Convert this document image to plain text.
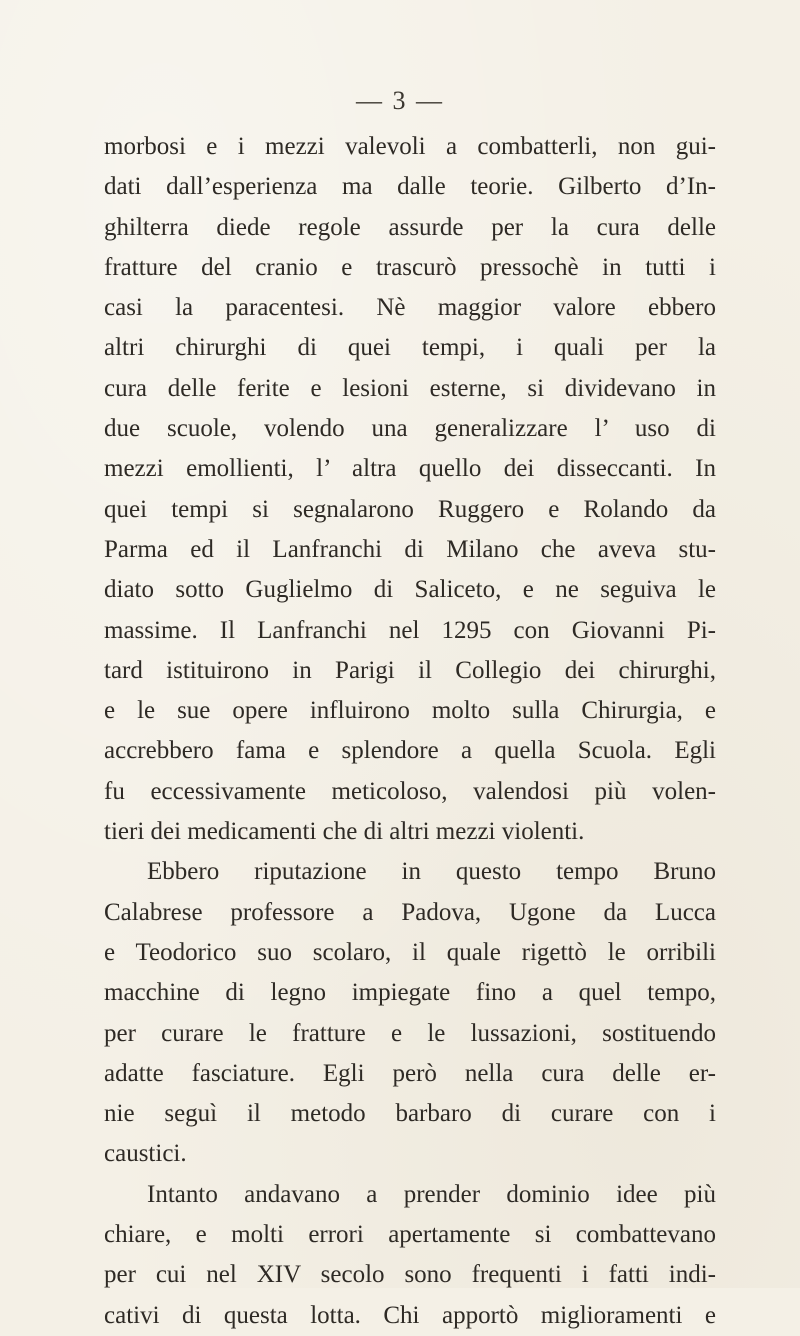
— 3 —
morbosi e i mezzi valevoli a combatterli, non gui-
dati dall’esperienza ma dalle teorie. Gilberto d’In-
ghilterra diede regole assurde per la cura delle
fratture del cranio e trascurò pressochè in tutti i
casi la paracentesi. Nè maggior valore ebbero
altri chirurghi di quei tempi, i quali per la
cura delle ferite e lesioni esterne, si dividevano in
due scuole, volendo una generalizzare l’ uso di
mezzi emollienti, l’ altra quello dei disseccanti. In
quei tempi si segnalarono Ruggero e Rolando da
Parma ed il Lanfranchi di Milano che aveva stu-
diato sotto Guglielmo di Saliceto, e ne seguiva le
massime. Il Lanfranchi nel 1295 con Giovanni Pi-
tard istituirono in Parigi il Collegio dei chirurghi,
e le sue opere influirono molto sulla Chirurgia, e
accrebbero fama e splendore a quella Scuola. Egli
fu eccessivamente meticoloso, valendosi più volen-
tieri dei medicamenti che di altri mezzi violenti.
Ebbero riputazione in questo tempo Bruno
Calabrese professore a Padova, Ugone da Lucca
e Teodorico suo scolaro, il quale rigettò le orribili
macchine di legno impiegate fino a quel tempo,
per curare le fratture e le lussazioni, sostituendo
adatte fasciature. Egli però nella cura delle er-
nie seguì il metodo barbaro di curare con i
caustici.
Intanto andavano a prender dominio idee più
chiare, e molti errori apertamente si combattevano
per cui nel XIV secolo sono frequenti i fatti indi-
cativi di questa lotta. Chi apportò miglioramenti e
